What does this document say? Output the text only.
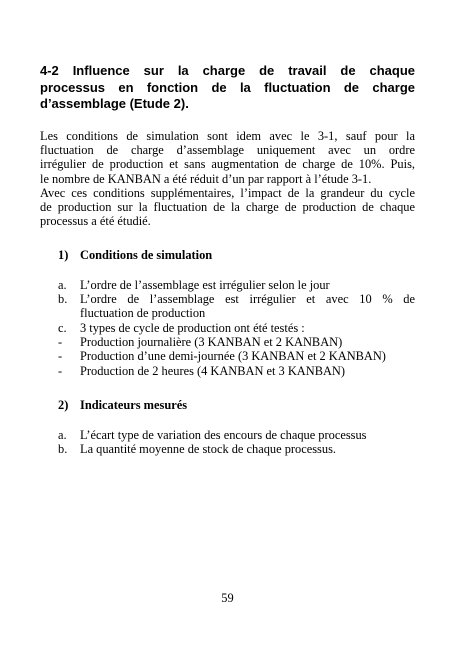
4-2 Influence sur la charge de travail de chaque
processus en fonction de la fluctuation de charge
d’assemblage (Etude 2).
Les conditions de simulation sont idem avec le 3-1, sauf pour la
fluctuation de charge d’assemblage uniquement avec un ordre
irrégulier de production et sans augmentation de charge de 10%. Puis,
le nombre de KANBAN a été réduit d’un par rapport à l’étude 3-1.
Avec ces conditions supplémentaires, l’impact de la grandeur du cycle
de production sur la fluctuation de la charge de production de chaque
processus a été étudié.
1) Conditions de simulation
a. L’ordre de l’assemblage est irrégulier selon le jour
b. L’ordre de l’assemblage est irrégulier et avec 10 % de
fluctuation de production
c. 3 types de cycle de production ont été testés :
- Production journalière (3 KANBAN et 2 KANBAN)
- Production d’une demi-journée (3 KANBAN et 2 KANBAN)
- Production de 2 heures (4 KANBAN et 3 KANBAN)
2) Indicateurs mesurés
a. L’écart type de variation des encours de chaque processus
b. La quantité moyenne de stock de chaque processus.
59
